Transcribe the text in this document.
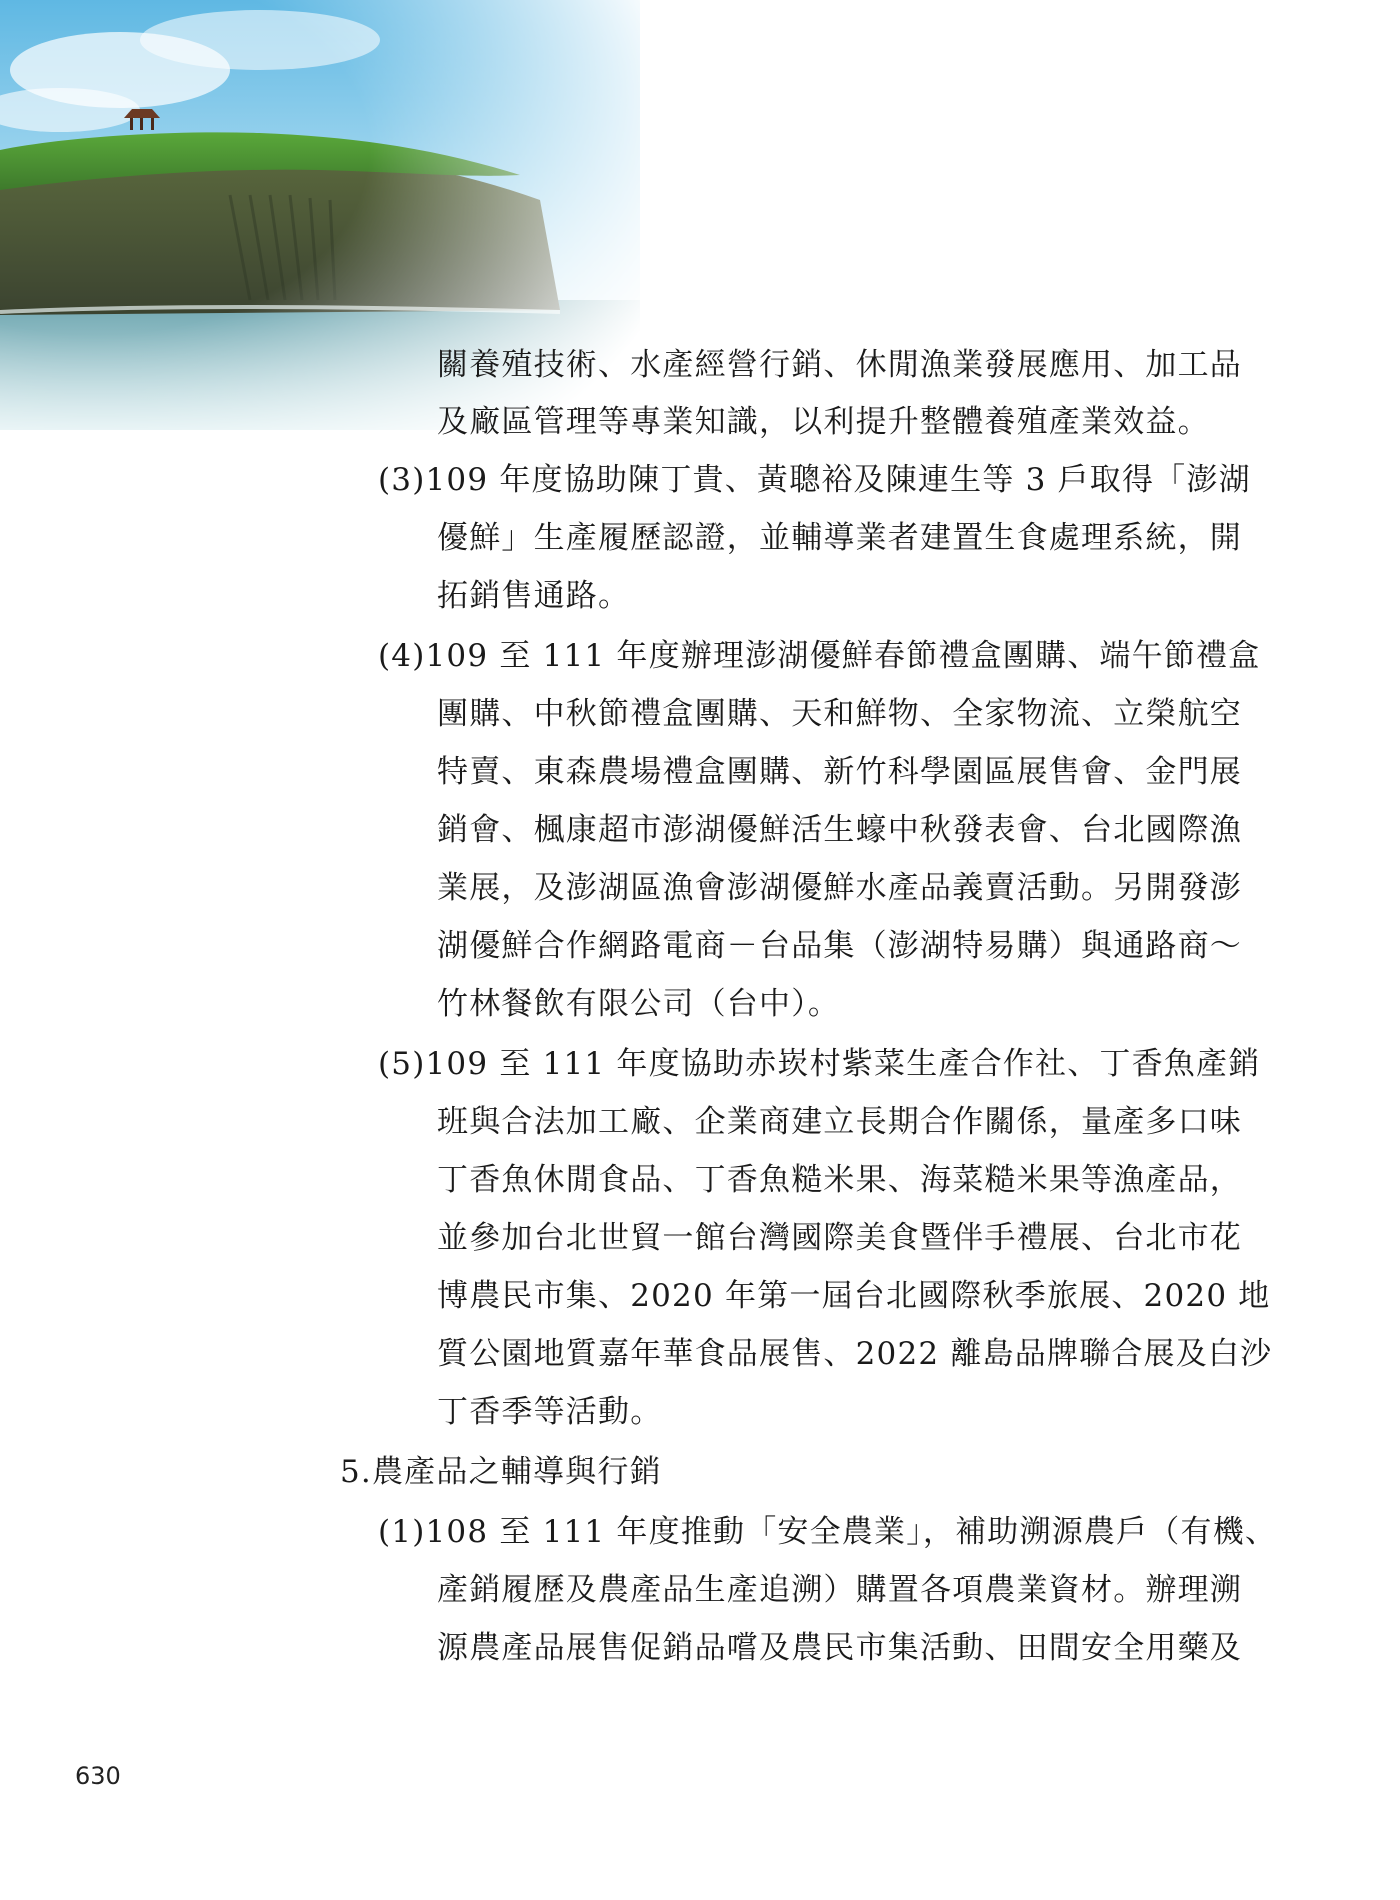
關養殖技術、水產經營行銷、休閒漁業發展應用、加工品
及廠區管理等專業知識，以利提升整體養殖產業效益。
(3)109 年度協助陳丁貴、黃聰裕及陳連生等 3 戶取得「澎湖
優鮮」生產履歷認證，並輔導業者建置生食處理系統，開
拓銷售通路。
(4)109 至 111 年度辦理澎湖優鮮春節禮盒團購、端午節禮盒
團購、中秋節禮盒團購、天和鮮物、全家物流、立榮航空
特賣、東森農場禮盒團購、新竹科學園區展售會、金門展
銷會、楓康超市澎湖優鮮活生蠔中秋發表會、台北國際漁
業展，及澎湖區漁會澎湖優鮮水產品義賣活動。另開發澎
湖優鮮合作網路電商－台品集（澎湖特易購）與通路商～
竹林餐飲有限公司（台中）。
(5)109 至 111 年度協助赤崁村紫菜生產合作社、丁香魚產銷
班與合法加工廠、企業商建立長期合作關係，量產多口味
丁香魚休閒食品、丁香魚糙米果、海菜糙米果等漁產品，
並參加台北世貿一館台灣國際美食暨伴手禮展、台北市花
博農民市集、2020 年第一屆台北國際秋季旅展、2020 地
質公園地質嘉年華食品展售、2022 離島品牌聯合展及白沙
丁香季等活動。
5.農產品之輔導與行銷
(1)108 至 111 年度推動「安全農業」，補助溯源農戶（有機、
產銷履歷及農產品生產追溯）購置各項農業資材。辦理溯
源農產品展售促銷品嚐及農民市集活動、田間安全用藥及
630
